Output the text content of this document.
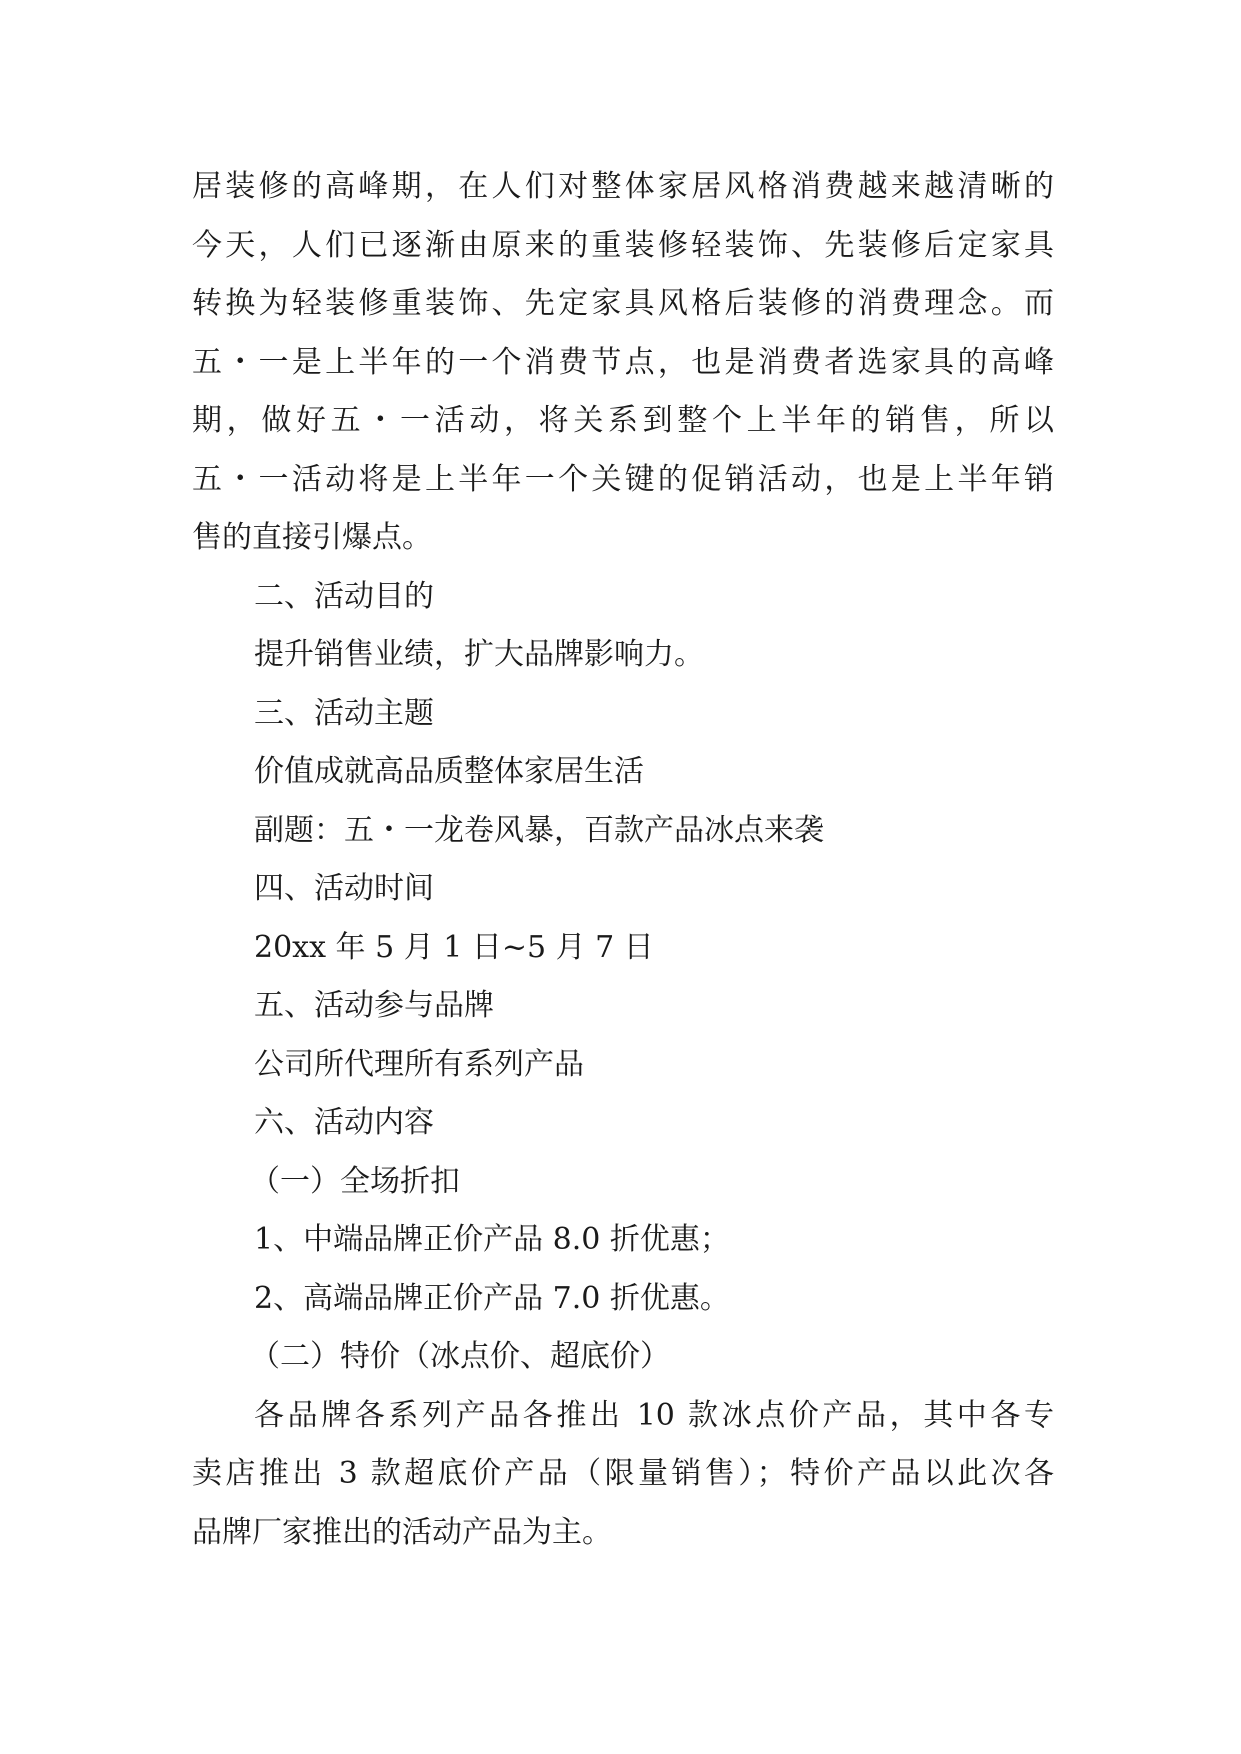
居装修的高峰期，在人们对整体家居风格消费越来越清晰的
今天，人们已逐渐由原来的重装修轻装饰、先装修后定家具
转换为轻装修重装饰、先定家具风格后装修的消费理念。而
五・一是上半年的一个消费节点，也是消费者选家具的高峰
期，做好五・一活动，将关系到整个上半年的销售，所以
五・一活动将是上半年一个关键的促销活动，也是上半年销
售的直接引爆点。
二、活动目的
提升销售业绩，扩大品牌影响力。
三、活动主题
价值成就高品质整体家居生活
副题：五・一龙卷风暴，百款产品冰点来袭
四、活动时间
20xx 年 5 月 1 日~5 月 7 日
五、活动参与品牌
公司所代理所有系列产品
六、活动内容
（一）全场折扣
1、中端品牌正价产品 8.0 折优惠；
2、高端品牌正价产品 7.0 折优惠。
（二）特价（冰点价、超底价）
各品牌各系列产品各推出 10 款冰点价产品，其中各专
卖店推出 3 款超底价产品（限量销售）；特价产品以此次各
品牌厂家推出的活动产品为主。
